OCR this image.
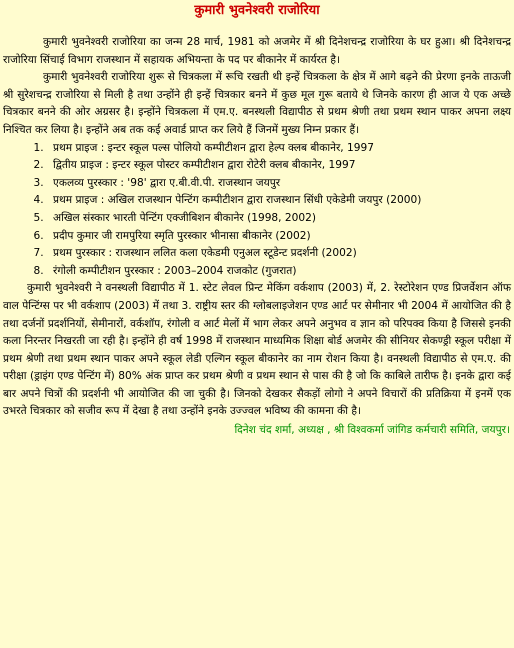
कुमारी भुवनेश्वरी राजोरिया

कुमारी भुवनेश्वरी राजोरिया का जन्म 28 मार्च, 1981 को अजमेर में श्री दिनेशचन्द्र राजोरिया के घर हुआ। श्री दिनेशचन्द्र राजोरिया सिंचाई विभाग राजस्थान में सहायक अभियन्ता के पद पर बीकानेर में कार्यरत है।

कुमारी भुवनेश्वरी राजोरिया शुरू से चित्रकला में रूचि रखती थी इन्हें चित्रकला के क्षेत्र में आगे बढ़ने की प्रेरणा इनके ताऊजी श्री सुरेशचन्द्र राजोरिया से मिली है तथा उन्होंने ही इन्हें चित्रकार बनने में कुछ मूल गुरू बताये थे जिनके कारण ही आज ये एक अच्छे चित्रकार बनने की ओर अग्रसर है। इन्होंने चित्रकला में एम.ए. बनस्थली विद्यापीठ से प्रथम श्रेणी तथा प्रथम स्थान पाकर अपना लक्ष्य निश्चित कर लिया है। इन्होंने अब तक कई अवार्ड प्राप्त कर लिये हैं जिनमें मुख्य निम्न प्रकार हैं।

1. प्रथम प्राइज : इन्टर स्कूल पल्स पोलियो कम्पीटीशन द्वारा हेल्प क्लब बीकानेर, 1997
2. द्वितीय प्राइज : इन्टर स्कूल पोस्टर कम्पीटीशन द्वारा रोटेरी क्लब बीकानेर, 1997
3. एकलव्य पुरस्कार : '98' द्वारा ए.बी.वी.पी. राजस्थान जयपुर
4. प्रथम प्राइज : अखिल राजस्थान पेन्टिंग कम्पीटीशन द्वारा राजस्थान सिंधी एकेडेमी जयपुर (2000)
5. अखिल संस्कार भारती पेन्टिंग एक्जीबिशन बीकानेर (1998, 2002)
6. प्रदीप कुमार जी रामपुरिया स्मृति पुरस्कार भीनासा बीकानेर (2002)
7. प्रथम पुरस्कार : राजस्थान ललित कला एकेडमी एनुअल स्टूडेन्ट प्रदर्शनी (2002)
8. रंगोली कम्पीटीशन पुरस्कार : 2003–2004 राजकोट (गुजरात)

कुमारी भुवनेश्वरी ने वनस्थली विद्यापीठ में 1. स्टेट लेवल प्रिन्ट मेकिंग वर्कशाप (2003) में, 2. रेस्टोरेशन एण्ड प्रिजर्वेशन ऑफ वाल पेन्टिंग्स पर भी वर्कशाप (2003) में तथा 3. राष्ट्रीय स्तर की ग्लोबलाइजेशन एण्ड आर्ट पर सेमीनार भी 2004 में आयोजित की है तथा दर्जनों प्रदर्शनियों, सेमीनारों, वर्कशॉप, रंगोली व आर्ट मेलों में भाग लेकर अपने अनुभव व ज्ञान को परिपक्व किया है जिससे इनकी कला निरन्तर निखरती जा रही है। इन्होंने ही वर्ष 1998 में राजस्थान माध्यमिक शिक्षा बोर्ड अजमेर की सीनियर सेकण्ड्री स्कूल परीक्षा में प्रथम श्रेणी तथा प्रथम स्थान पाकर अपने स्कूल लेडी एल्गिन स्कूल बीकानेर का नाम रोशन किया है। वनस्थली विद्यापीठ से एम.ए. की परीक्षा (ड्राइंग एण्ड पेन्टिंग में) 80% अंक प्राप्त कर प्रथम श्रेणी व प्रथम स्थान से पास की है जो कि काबिले तारीफ है। इनके द्वारा कई बार अपने चित्रों की प्रदर्शनी भी आयोजित की जा चुकी है। जिनको देखकर सैकड़ों लोगो ने अपने विचारों की प्रतिक्रिया में इनमें एक उभरते चित्रकार को सजीव रूप में देखा है तथा उन्होंने इनके उज्ज्वल भविष्य की कामना की है।

दिनेश चंद शर्मा, अध्यक्ष , श्री विश्वकर्मा जांगिड कर्मचारी समिति, जयपुर।
